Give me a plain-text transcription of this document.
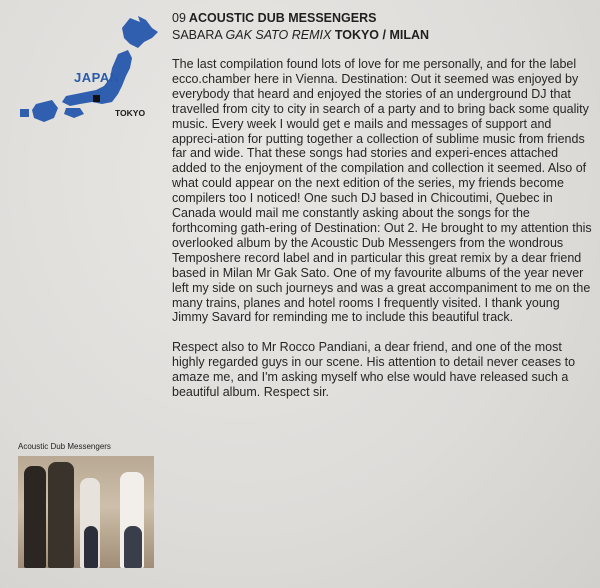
JAPAN
TOKYO
09 ACOUSTIC DUB MESSENGERS
SABARA GAK SATO REMIX TOKYO / MILAN

The last compilation found lots of love for me personally, and for the label ecco.chamber here in Vienna. Destination: Out it seemed was enjoyed by everybody that heard and enjoyed the stories of an underground DJ that travelled from city to city in search of a party and to bring back some quality music. Every week I would get e mails and messages of support and appreci-ation for putting together a collection of sublime music from friends far and wide. That these songs had stories and experi-ences attached added to the enjoyment of the compilation and collection it seemed. Also of what could appear on the next edition of the series, my friends become compilers too I noticed! One such DJ based in Chicoutimi, Quebec in Canada would mail me constantly asking about the songs for the forthcoming gath-ering of Destination: Out 2. He brought to my attention this overlooked album by the Acoustic Dub Messengers from the wondrous Temposhere record label and in particular this great remix by a dear friend based in Milan Mr Gak Sato. One of my favourite albums of the year never left my side on such journeys and was a great accompaniment to me on the many trains, planes and hotel rooms I frequently visited. I thank young Jimmy Savard for reminding me to include this beautiful track.

Respect also to Mr Rocco Pandiani, a dear friend, and one of the most highly regarded guys in our scene. His attention to detail never ceases to amaze me, and I'm asking myself who else would have released such a beautiful album. Respect sir.

Acoustic Dub Messengers
